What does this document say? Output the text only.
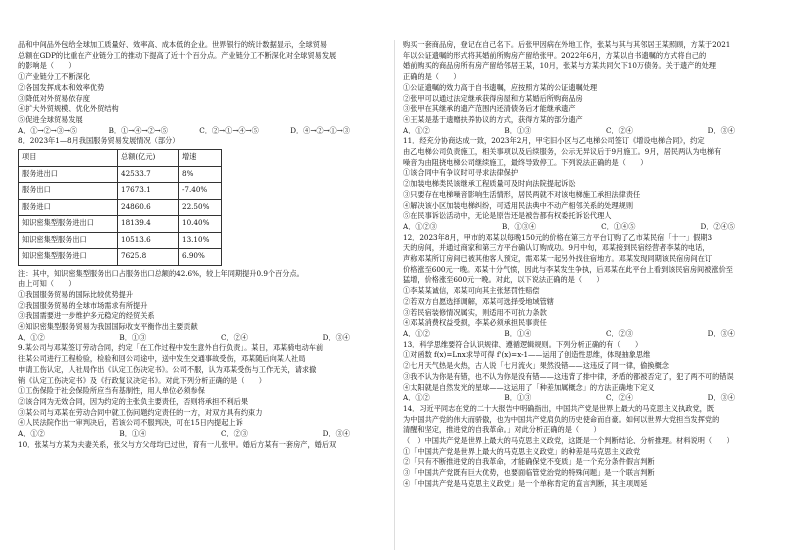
品和中间品外包给全球加工质量好、效率高、成本低的企业。世界银行的统计数据显示，全球贸易

总额在GDP的比重在产业链分工的推动下提高了近十个百分点。产业链分工不断深化对全球贸易发展

的影响是（　　）

①产业链分工不断深化

②各国发挥成本和效率优势

③降低对外贸易依存度

④扩大外贸规模、优化外贸结构

⑤促进全球贸易发展

A．①→②→③→⑤	B．①→④→②→⑤	C．②→①→④→⑤	D．④→②→①→③

8．2023年1—8月我国服务贸易发展情况（部分）

项目	总额(亿元)	增速
服务进出口	42533.7	8%
服务出口	17673.1	-7.40%
服务进口	24860.6	22.50%
知识密集型服务进出口	18139.4	10.40%
知识密集型服务出口	10513.6	13.10%
知识密集型服务进口	7625.8	6.90%

注：其中，知识密集型服务出口占服务出口总额的42.6%，较上年同期提升0.9个百分点。

由上可知（　　）

①我国服务贸易的国际比较优势提升

②我国服务贸易的全球市场需求有所提升

③我国需要进一步维护多元稳定的经贸关系

④知识密集型服务贸易为我国国际收支平衡作出主要贡献

A．①②	B．①③	C．②④	D．③④

9.某公司与邓某签订劳动合同，约定「在工作过程中发生意外自行负责」。某日，邓某骑电动车前

往某公司进行工程检验，检验和回公司途中，送中发生交通事故受伤，邓某随后向某人社局

申请工伤认定，人社局作出《认定工伤决定书》。公司不服，认为邓某受伤与工作无关，请求撤

销《认定工伤决定书》及《行政复议决定书》。对此下列分析正确的是（　　）

①工伤保险于社会保险所应当有基制性，用人单位必须参保

②该合同为无效合同，因为约定的主张负主要责任，否则将承担不利后果

③某公司与邓某在劳动合同中就工伤问题约定责任的一方，对双方具有约束力

④人民法院作出一审判决后，若该公司不服判决，可在15日内提起上诉

A．①②	B．①④	C．②③	D．③④

10．张某与方某为夫妻关系，张父与方父母均已过世，育有一儿张甲。婚后方某有一套房产，婚后双

购买一套商品房，登记在自己名下。后张甲因病在外地工作，张某与其与其邻居王某照顾，方某于2021

年以公证遗嘱的形式将其婚前所购房产留给张甲。2022年6月，方某以自书遗嘱的方式将自己的

婚前购买的商品房所有房产留给邻居王某，10月，张某与方某共同欠下10万债务。关于遗产的处理

正确的是（　　）

①公证遗嘱的效力高于自书遗嘱，应按照方某的公证遗嘱处理

②张甲可以通过法定继承获得房屋和方某婚后所购商品房

③张甲在其继承的遗产范围内还清债务后才能继承遗产

④王某是基于遗赠扶养协议的方式，获得方某的部分遗产

A．①②	B．①③	C．②④	D．③④

11．经充分协商达成一致，2023年2月，甲宅旧小区与乙电梯公司签订《增设电梯合同》，约定

由乙电梯公司负责施工，相关事项以及后续服务，公示无异议后于9月施工。9月，居民两认为电梯有

噪音为由阻挠电梯公司继续施工，最终导致停工。下列说法正确的是（　　）

①该合同中有争议时可寻求法律保护

②加装电梯类民该继承工程质量可及时向法院提起诉讼

③只要存在电梯噪音影响生活情形，居民两就不对该电梯施工承担法律责任

④解决该小区加装电梯纠纷，可适用民法典中不动产相邻关系的处理规则

⑤在民事诉讼活动中，无论是原告还是被告都有权委托诉讼代理人

A．①②③	B．①③④	C．①④⑤	D．②④⑤

12．2023年8月，甲市的邓某以每晚150元的价格在第三方平台订购了乙市某民宿「十一」假期3

天的房间，并通过商家和第三方平台确认订购成功。9月中旬，邓某接到民宿经营者李某的电话，

声称邓某所订房间已被其他客人预定，需邓某一起另外找住宿地方。邓某发现同期该民宿房间在订

价格涨至600元一晚。邓某十分气愤，因此与李某发生争执，后邓某在此平台上看到该民宿房间被涨价至

猛增，价格涨至600元一晚。对此，以下说法正确的是（　　）

①李某某诚信，邓某可向其主张惩罚性赔偿

②若双方自愿选择调解，邓某可选择受地域管辖

③若民宿装修情况属实，则适用不可抗力条款

④邓某消费权益受损，李某必须承担民事责任

A．①②	B．①④	C．②③	D．③④

13．科学思维要符合认识规律、遵循逻辑规则。下列分析正确的有（　　）

①对函数 f(x)=Lnx求导可得 f'(x)=x-1——运用了创造性思维，体现抽象思维

②七月天气热是火热，古人说「七月流火」果然没错——这违反了同一律，偷换概念

③我不认为你是有错，也不认为你是没有错——这违背了排中律，矛盾的都被否定了，犯了两不可的错误

④太阳就是自然发光的星球——这运用了「种差加属概念」的方法正确地下定义

A．①②	B．①③	C．②④	D．③④

14．习近平同志在党的二十大报告中明确指出，中国共产党是世界上最大的马克思主义执政党，既

为中国共产党的伟大而骄傲，也为中国共产党肩负的历史使命而自豪。如何以世界大党担当发挥党的

清醒和坚定，推进党的自我革命。」对此分析正确的是（　　）

（　）中国共产党是世界上最大的马克思主义政党，这既是一个判断结论、分析推理。材料说明（　　）

①「中国共产党是世界上最大的马克思主义政党」的种差是马克思主义政党

②「只有不断推进党的自我革命，才能确保党不变质」是一个充分条件假言判断

③「中国共产党既有巨大优势，也要面临管党治党的特殊问题」是一个联言判断

④「中国共产党是马克思主义政党」是一个单称肯定的直言判断，其主项周延
